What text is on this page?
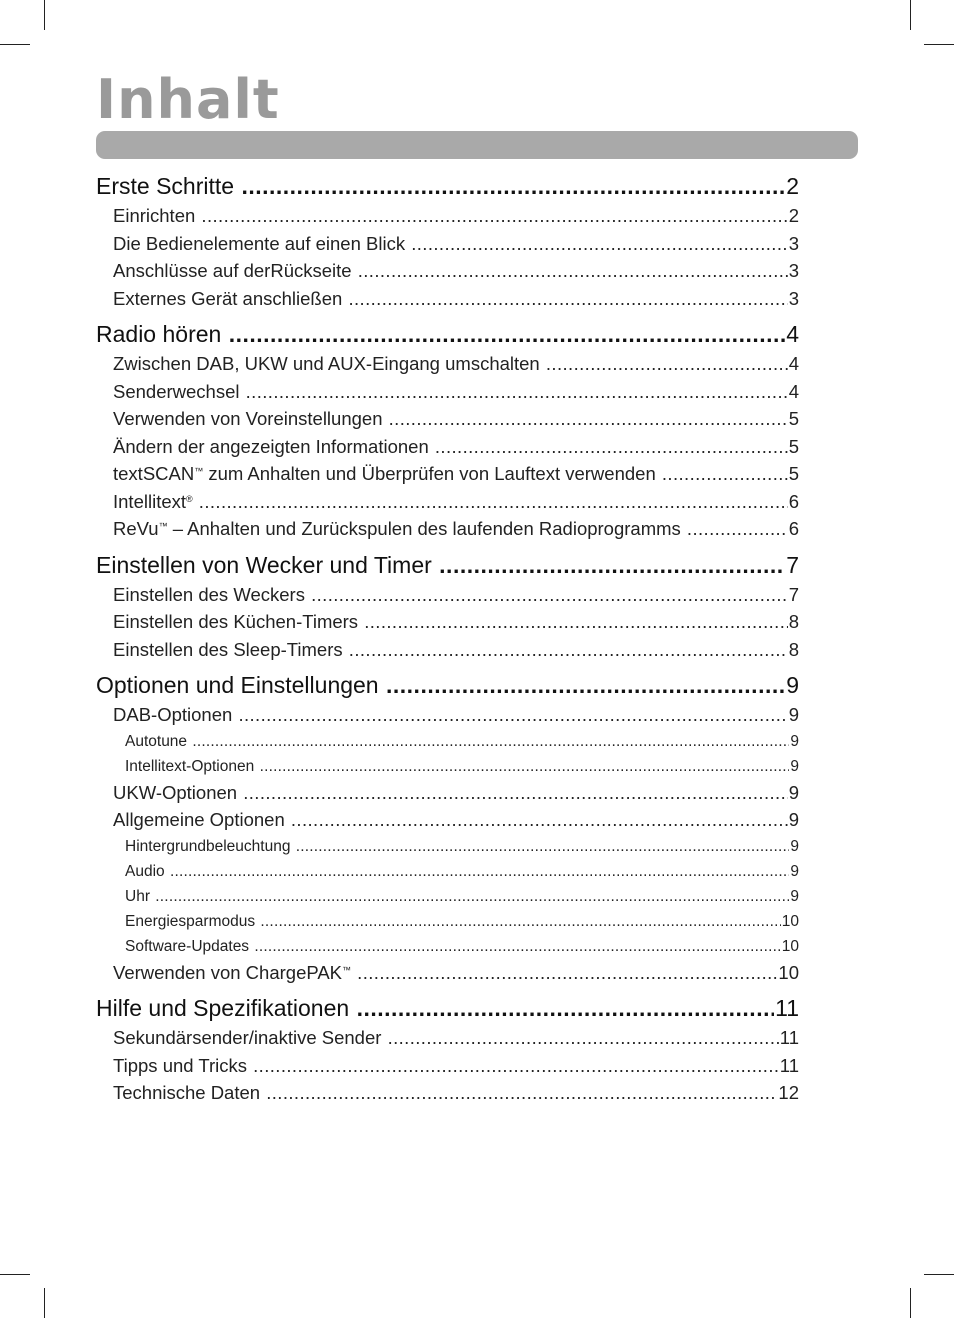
Inhalt
Erste Schritte .....	2
Einrichten .....	2
Die Bedienelemente auf einen Blick .....	3
Anschlüsse auf derRückseite .....	3
Externes Gerät anschließen .....	3
Radio hören .....	4
Zwischen DAB, UKW und AUX-Eingang umschalten .....	4
Senderwechsel .....	4
Verwenden von Voreinstellungen .....	5
Ändern der angezeigten Informationen .....	5
textSCAN™ zum Anhalten und Überprüfen von Lauftext verwenden .....	5
Intellitext® .....	6
ReVu™ – Anhalten und Zurückspulen des laufenden Radioprogramms .....	6
Einstellen von Wecker und Timer .....	7
Einstellen des Weckers .....	7
Einstellen des Küchen-Timers .....	8
Einstellen des Sleep-Timers .....	8
Optionen und Einstellungen .....	9
DAB-Optionen .....	9
Autotune .....	9
Intellitext-Optionen .....	9
UKW-Optionen .....	9
Allgemeine Optionen .....	9
Hintergrundbeleuchtung .....	9
Audio .....	9
Uhr .....	9
Energiesparmodus .....	10
Software-Updates .....	10
Verwenden von ChargePAK™ .....	10
Hilfe und Spezifikationen .....	11
Sekundärsender/inaktive Sender .....	11
Tipps und Tricks .....	11
Technische Daten .....	12
